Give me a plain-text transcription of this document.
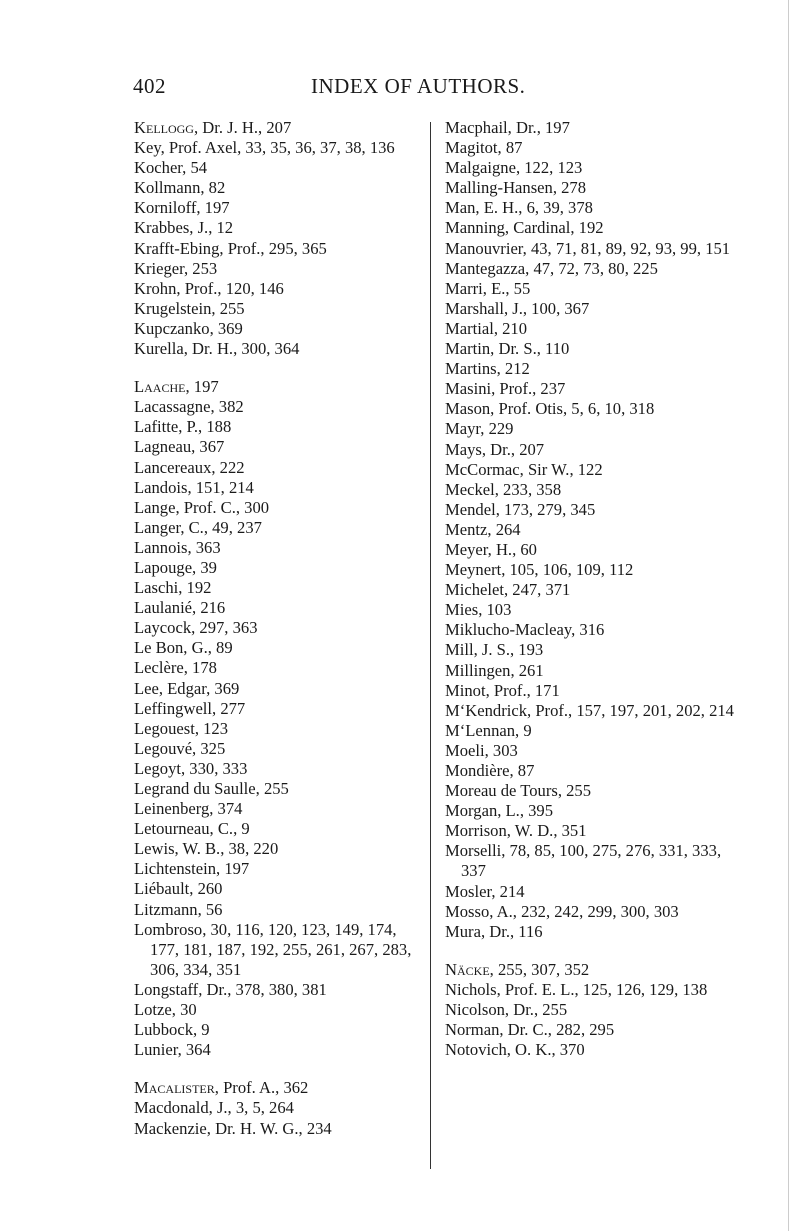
402	INDEX OF AUTHORS.
Kellogg, Dr. J. H., 207
Key, Prof. Axel, 33, 35, 36, 37, 38, 136
Kocher, 54
Kollmann, 82
Korniloff, 197
Krabbes, J., 12
Krafft-Ebing, Prof., 295, 365
Krieger, 253
Krohn, Prof., 120, 146
Krugelstein, 255
Kupczanko, 369
Kurella, Dr. H., 300, 364
Laache, 197
Lacassagne, 382
Lafitte, P., 188
Lagneau, 367
Lancereaux, 222
Landois, 151, 214
Lange, Prof. C., 300
Langer, C., 49, 237
Lannois, 363
Lapouge, 39
Laschi, 192
Laulanié, 216
Laycock, 297, 363
Le Bon, G., 89
Leclère, 178
Lee, Edgar, 369
Leffingwell, 277
Legouest, 123
Legouvé, 325
Legoyt, 330, 333
Legrand du Saulle, 255
Leinenberg, 374
Letourneau, C., 9
Lewis, W. B., 38, 220
Lichtenstein, 197
Liébault, 260
Litzmann, 56
Lombroso, 30, 116, 120, 123, 149, 174, 177, 181, 187, 192, 255, 261, 267, 283, 306, 334, 351
Longstaff, Dr., 378, 380, 381
Lotze, 30
Lubbock, 9
Lunier, 364
Macalister, Prof. A., 362
Macdonald, J., 3, 5, 264
Mackenzie, Dr. H. W. G., 234
Macphail, Dr., 197
Magitot, 87
Malgaigne, 122, 123
Malling-Hansen, 278
Man, E. H., 6, 39, 378
Manning, Cardinal, 192
Manouvrier, 43, 71, 81, 89, 92, 93, 99, 151
Mantegazza, 47, 72, 73, 80, 225
Marri, E., 55
Marshall, J., 100, 367
Martial, 210
Martin, Dr. S., 110
Martins, 212
Masini, Prof., 237
Mason, Prof. Otis, 5, 6, 10, 318
Mayr, 229
Mays, Dr., 207
McCormac, Sir W., 122
Meckel, 233, 358
Mendel, 173, 279, 345
Mentz, 264
Meyer, H., 60
Meynert, 105, 106, 109, 112
Michelet, 247, 371
Mies, 103
Miklucho-Macleay, 316
Mill, J. S., 193
Millingen, 261
Minot, Prof., 171
M‘Kendrick, Prof., 157, 197, 201, 202, 214
M‘Lennan, 9
Moeli, 303
Mondière, 87
Moreau de Tours, 255
Morgan, L., 395
Morrison, W. D., 351
Morselli, 78, 85, 100, 275, 276, 331, 333, 337
Mosler, 214
Mosso, A., 232, 242, 299, 300, 303
Mura, Dr., 116
Näcke, 255, 307, 352
Nichols, Prof. E. L., 125, 126, 129, 138
Nicolson, Dr., 255
Norman, Dr. C., 282, 295
Notovich, O. K., 370
